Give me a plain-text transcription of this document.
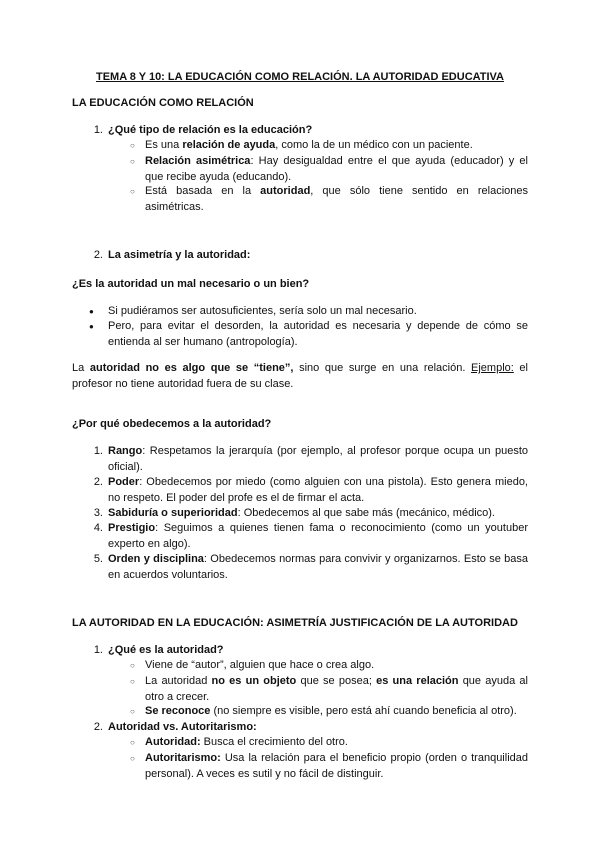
TEMA 8 Y 10: LA EDUCACIÓN COMO RELACIÓN. LA AUTORIDAD EDUCATIVA
LA EDUCACIÓN COMO RELACIÓN
¿Qué tipo de relación es la educación?
1.
Es una relación de ayuda, como la de un médico con un paciente.
○
Relación asimétrica: Hay desigualdad entre el que ayuda (educador) y el que recibe ayuda (educando).
○
Está basada en la autoridad, que sólo tiene sentido en relaciones asimétricas.
○
La asimetría y la autoridad:
2.
¿Es la autoridad un mal necesario o un bien?
Si pudiéramos ser autosuficientes, sería solo un mal necesario.
●
Pero, para evitar el desorden, la autoridad es necesaria y depende de cómo se entienda al ser humano (antropología).
●
La autoridad no es algo que se “tiene”, sino que surge en una relación. Ejemplo: el profesor no tiene autoridad fuera de su clase.
¿Por qué obedecemos a la autoridad?
Rango: Respetamos la jerarquía (por ejemplo, al profesor porque ocupa un puesto oficial).
1.
Poder: Obedecemos por miedo (como alguien con una pistola). Esto genera miedo, no respeto. El poder del profe es el de firmar el acta.
2.
Sabiduría o superioridad: Obedecemos al que sabe más (mecánico, médico).
3.
Prestigio: Seguimos a quienes tienen fama o reconocimiento (como un youtuber experto en algo).
4.
Orden y disciplina: Obedecemos normas para convivir y organizarnos. Esto se basa en acuerdos voluntarios.
5.
LA AUTORIDAD EN LA EDUCACIÓN: ASIMETRÍA JUSTIFICACIÓN DE LA AUTORIDAD
¿Qué es la autoridad?
1.
Viene de “autor”, alguien que hace o crea algo.
○
La autoridad no es un objeto que se posea; es una relación que ayuda al otro a crecer.
○
Se reconoce (no siempre es visible, pero está ahí cuando beneficia al otro).
○
Autoridad vs. Autoritarismo:
2.
Autoridad: Busca el crecimiento del otro.
○
Autoritarismo: Usa la relación para el beneficio propio (orden o tranquilidad personal). A veces es sutil y no fácil de distinguir.
○
